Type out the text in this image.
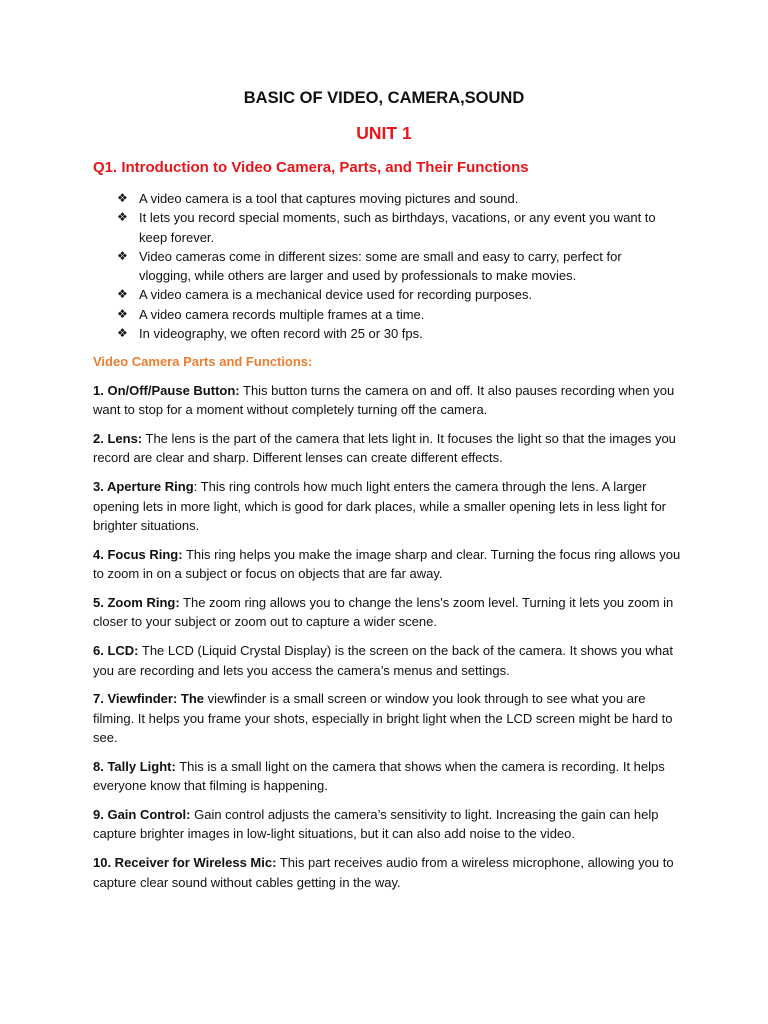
BASIC OF VIDEO, CAMERA,SOUND
UNIT 1
Q1. Introduction to Video Camera, Parts, and Their Functions
❖ A video camera is a tool that captures moving pictures and sound.
❖ It lets you record special moments, such as birthdays, vacations, or any event you want to keep forever.
❖ Video cameras come in different sizes: some are small and easy to carry, perfect for vlogging, while others are larger and used by professionals to make movies.
❖ A video camera is a mechanical device used for recording purposes.
❖ A video camera records multiple frames at a time.
❖ In videography, we often record with 25 or 30 fps.
Video Camera Parts and Functions:

1. On/Off/Pause Button: This button turns the camera on and off. It also pauses recording when you want to stop for a moment without completely turning off the camera.

2. Lens: The lens is the part of the camera that lets light in. It focuses the light so that the images you record are clear and sharp. Different lenses can create different effects.

3. Aperture Ring: This ring controls how much light enters the camera through the lens. A larger opening lets in more light, which is good for dark places, while a smaller opening lets in less light for brighter situations.

4. Focus Ring: This ring helps you make the image sharp and clear. Turning the focus ring allows you to zoom in on a subject or focus on objects that are far away.

5. Zoom Ring: The zoom ring allows you to change the lens's zoom level. Turning it lets you zoom in closer to your subject or zoom out to capture a wider scene.

6. LCD: The LCD (Liquid Crystal Display) is the screen on the back of the camera. It shows you what you are recording and lets you access the camera’s menus and settings.

7. Viewfinder: The viewfinder is a small screen or window you look through to see what you are filming. It helps you frame your shots, especially in bright light when the LCD screen might be hard to see.

8. Tally Light: This is a small light on the camera that shows when the camera is recording. It helps everyone know that filming is happening.

9. Gain Control: Gain control adjusts the camera’s sensitivity to light. Increasing the gain can help capture brighter images in low-light situations, but it can also add noise to the video.

10. Receiver for Wireless Mic: This part receives audio from a wireless microphone, allowing you to capture clear sound without cables getting in the way.
